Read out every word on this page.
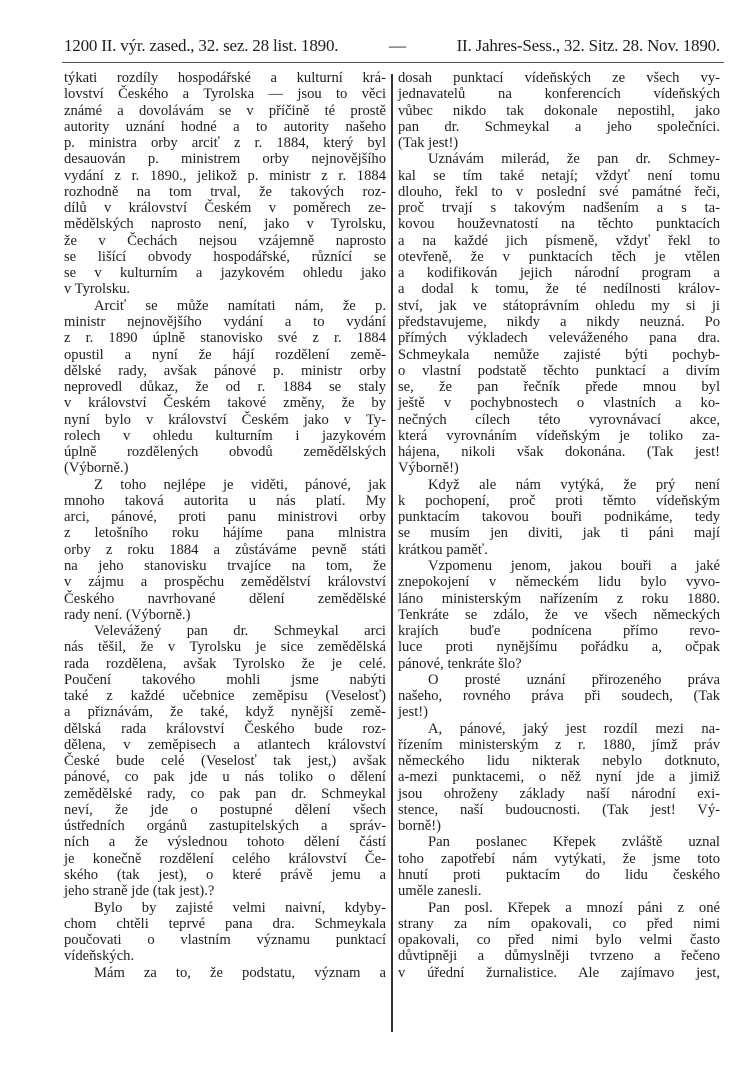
1200 II. výr. zased., 32. sez. 28 list. 1890.	—	II. Jahres-Sess., 32. Sitz. 28. Nov. 1890.
týkati rozdíly hospodářské a kulturní krá-
lovství Českého a Tyrolska — jsou to věci
známé a dovolávám se v příčině té prostě
autority uznání hodné a to autority našeho
p. ministra orby arciť z r. 1884, který byl
desauován p. ministrem orby nejnovějšího
vydání z r. 1890., jelikož p. ministr z r. 1884
rozhodně na tom trval, že takových roz-
dílů v království Českém v poměrech ze-
mědělských naprosto není, jako v Tyrolsku,
že v Čechách nejsou vzájemně naprosto
se lišící obvody hospodářské, různící se
se v kulturním a jazykovém ohledu jako
v Tyrolsku.
Arciť se může namítati nám, že p.
ministr nejnovějšího vydání a to vydání
z r. 1890 úplně stanovisko své z r. 1884
opustil a nyní že hájí rozdělení země-
dělské rady, avšak pánové p. ministr orby
neprovedl důkaz, že od r. 1884 se staly
v království Českém takové změny, že by
nyní bylo v království Českém jako v Ty-
rolech v ohledu kulturním i jazykovém
úplně rozdělených obvodů zemědělských
(Výborně.)
Z toho nejlépe je viděti, pánové, jak
mnoho taková autorita u nás platí. My
arci, pánové, proti panu ministrovi orby
z letošního roku hájíme pana mlnistra
orby z roku 1884 a zůstáváme pevně státi
na jeho stanovisku trvajíce na tom, že
v zájmu a prospěchu zemědělství království
Českého navrhované dělení zemědělské
rady není. (Výborně.)
Velevážený pan dr. Schmeykal arci
nás těšil, že v Tyrolsku je sice zemědělská
rada rozdělena, avšak Tyrolsko že je celé.
Poučení takového mohli jsme nabýti
také z každé učebnice zeměpisu (Veselosť)
a přiznávám, že také, když nynější země-
dělská rada království Českého bude roz-
dělena, v zeměpisech a atlantech království
České bude celé (Veselosť tak jest,) avšak
pánové, co pak jde u nás toliko o dělení
zemědělské rady, co pak pan dr. Schmeykal
neví, že jde o postupné dělení všech
ústředních orgánů zastupitelských a správ-
ních a že výslednou tohoto dělení částí
je konečně rozdělení celého království Če-
ského (tak jest), o které právě jemu a
jeho straně jde (tak jest).?
Bylo by zajisté velmi naivní, kdyby-
chom chtěli teprvé pana dra. Schmeykala
poučovati o vlastním významu punktací
vídeňských.
Mám za to, že podstatu, význam a
dosah punktací vídeňských ze všech vy-
jednavatelů na konferencích vídeňských
vůbec nikdo tak dokonale nepostihl, jako
pan dr. Schmeykal a jeho společníci.
(Tak jest!)
Uznávám milerád, že pan dr. Schmey-
kal se tím také netají; vždyť není tomu
dlouho, řekl to v poslední své památné řeči,
proč trvají s takovým nadšením a s ta-
kovou houževnatostí na těchto punktacích
a na každé jich písmeně, vždyť řekl to
otevřeně, že v punktacích těch je vtělen
a kodifikován jejich národní program a
a dodal k tomu, že té nedílnosti králov-
ství, jak ve státoprávním ohledu my si ji
představujeme, nikdy a nikdy neuzná. Po
přímých výkladech veleváženého pana dra.
Schmeykala nemůže zajisté býti pochyb-
o vlastní podstatě těchto punktací a divím
se, že pan řečník přede mnou byl
ještě v pochybnostech o vlastních a ko-
nečných cílech této vyrovnávací akce,
která vyrovnáním vídeňským je toliko za-
hájena, nikoli však dokonána. (Tak jest!
Výborně!)
Když ale nám vytýká, že prý není
k pochopení, proč proti těmto vídeňským
punktacím takovou bouři podnikáme, tedy
se musím jen diviti, jak ti páni mají
krátkou paměť.
Vzpomenu jenom, jakou bouři a jaké
znepokojení v německém lidu bylo vyvo-
láno ministerským nařízením z roku 1880.
Tenkráte se zdálo, že ve všech německých
krajích buďe podnícena přímo revo-
luce proti nynějšímu pořádku a, očpak
pánové, tenkráte šlo?
O prosté uznání přirozeného práva
našeho, rovného práva při soudech, (Tak
jest!)
A, pánové, jaký jest rozdíl mezi na-
řízením ministerským z r. 1880, jímž práv
německého lidu nikterak nebylo dotknuto,
a-mezi punktacemi, o něž nyní jde a jimiž
jsou ohroženy základy naší národní exi-
stence, naší budoucnosti. (Tak jest! Vý-
borně!)
Pan poslanec Křepek zvláště uznal
toho zapotřebí nám vytýkati, že jsme toto
hnutí proti puktacím do lidu českého
uměle zanesli.
Pan posl. Křepek a mnozí páni z oné
strany za ním opakovali, co před nimi
opakovali, co před nimi bylo velmi často
důvtipněji a důmyslněji tvrzeno a řečeno
v úřední žurnalistice. Ale zajímavo jest,
